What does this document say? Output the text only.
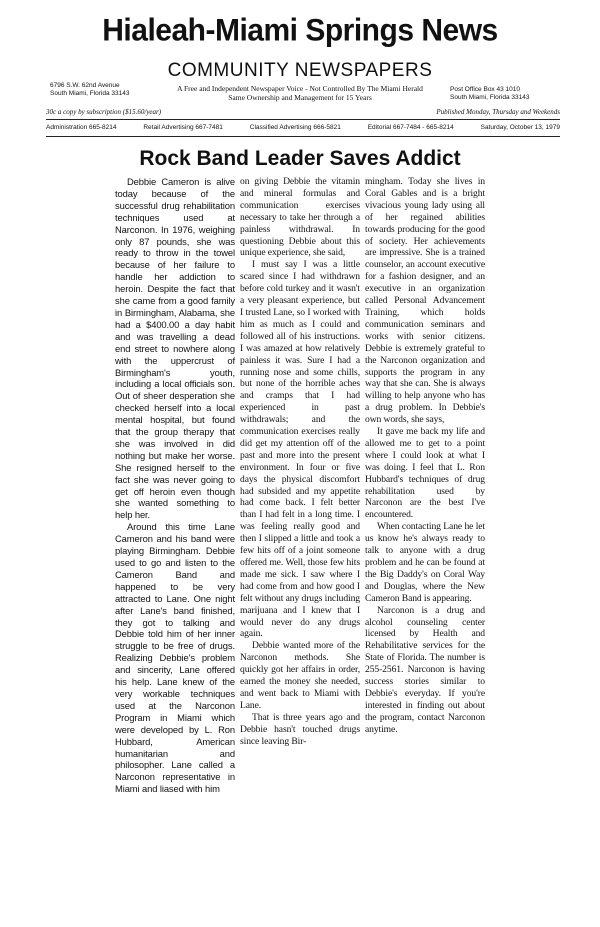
Hialeah-Miami Springs News
COMMUNITY NEWSPAPERS
6796 S.W. 62nd Avenue
South Miami, Florida 33143
A Free and Independent Newspaper Voice - Not Controlled By The Miami Herald
Same Ownership and Management for 15 Years
Post Office Box 43 1010
South Miami, Florida 33143
30c a copy by subscription ($15.60/year)	Published Monday, Thursday and Weekends
Administration 665-8214	Retail Advertising 667-7481	Classified Advertising 666-5821	Editorial 667-7484 - 665-8214	Saturday, October 13, 1979
Rock Band Leader Saves Addict

Debbie Cameron is alive today because of the successful drug rehabilitation techniques used at Narconon. In 1976, weighing only 87 pounds, she was ready to throw in the towel because of her failure to handle her addiction to heroin. Despite the fact that she came from a good family in Birmingham, Alabama, she had a $400.00 a day habit and was travelling a dead end street to nowhere along with the uppercrust of Birmingham's youth, including a local officials son. Out of sheer desperation she checked herself into a local mental hospital, but found that the group therapy that she was involved in did nothing but make her worse. She resigned herself to the fact she was never going to get off heroin even though she wanted something to help her.

Around this time Lane Cameron and his band were playing Birmingham. Debbie used to go and listen to the Cameron Band and happened to be very attracted to Lane. One night after Lane's band finished, they got to talking and Debbie told him of her inner struggle to be free of drugs. Realizing Debbie's problem and sincerity, Lane offered his help. Lane knew of the very workable techniques used at the Narconon Program in Miami which were developed by L. Ron Hubbard, American humanitarian and philosopher. Lane called a Narconon representative in Miami and liased with him

on giving Debbie the vitamin and mineral formulas and communication exercises necessary to take her through a painless withdrawal. In questioning Debbie about this unique experience, she said,

I must say I was a little scared since I had withdrawn before cold turkey and it wasn't a very pleasant experience, but I trusted Lane, so I worked with him as much as I could and followed all of his instructions. I was amazed at how relatively painless it was. Sure I had a running nose and some chills, but none of the horrible aches and cramps that I had experienced in past withdrawals; and the communication exercises really did get my attention off of the past and more into the present environment. In four or five days the physical discomfort had subsided and my appetite had come back. I felt better than I had felt in a long time. I was feeling really good and then I slipped a little and took a few hits off of a joint someone offered me. Well, those few hits made me sick. I saw where I had come from and how good I felt without any drugs including marijuana and I knew that I would never do any drugs again.

Debbie wanted more of the Narconon methods. She quickly got her affairs in order, earned the money she needed, and went back to Miami with Lane.

That is three years ago and Debbie hasn't touched drugs since leaving Bir-

mingham. Today she lives in Coral Gables and is a bright vivacious young lady using all of her regained abilities towards producing for the good of society. Her achievements are impressive. She is a trained counselor, an account executive for a fashion designer, and an executive in an organization called Personal Advancement Training, which holds communication seminars and works with senior citizens. Debbie is extremely grateful to the Narconon organization and supports the program in any way that she can. She is always willing to help anyone who has a drug problem. In Debbie's own words, she says,

It gave me back my life and allowed me to get to a point where I could look at what I was doing. I feel that L. Ron Hubbard's techniques of drug rehabilitation used by Narconon are the best I've encountered.

When contacting Lane he let us know he's always ready to talk to anyone with a drug problem and he can be found at the Big Daddy's on Coral Way and Douglas, where the New Cameron Band is appearing.

Narconon is a drug and alcohol counseling center licensed by Health and Rehabilitative services for the State of Florida. The number is 255-2561. Narconon is having success stories similar to Debbie's everyday. If you're interested in finding out about the program, contact Narconon anytime.
